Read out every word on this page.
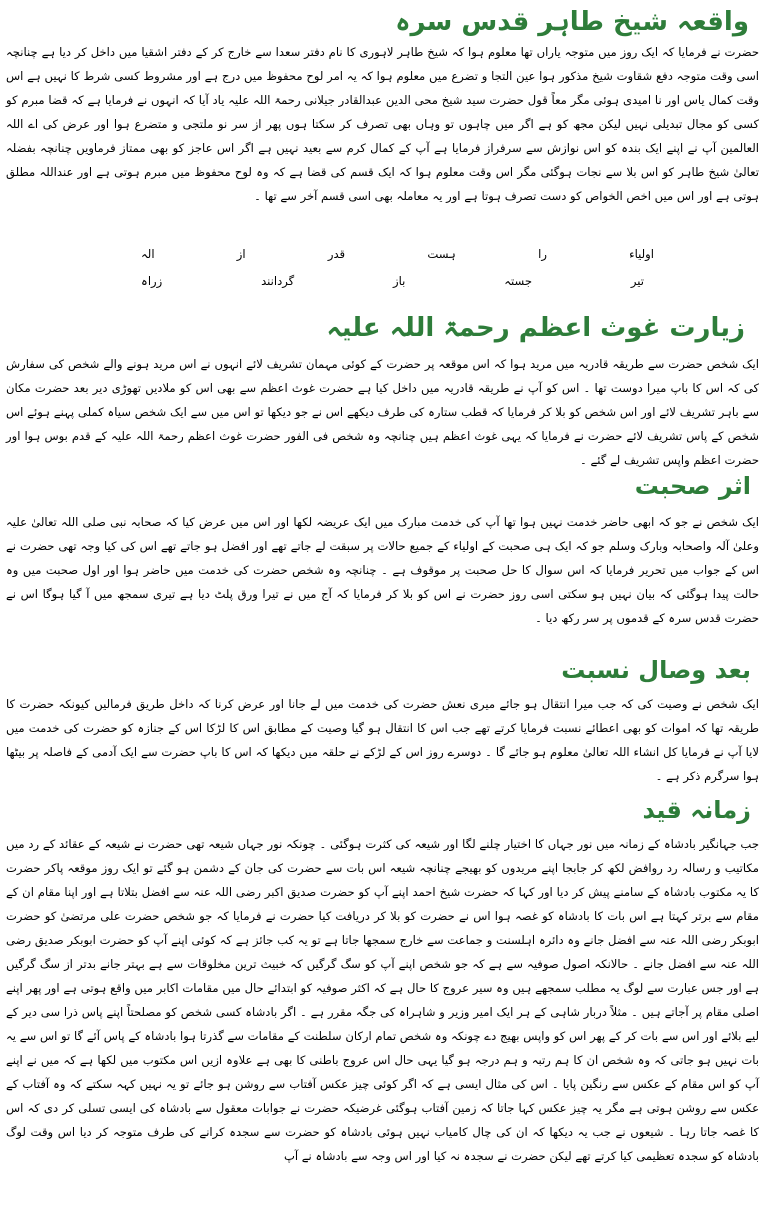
واقعہ شیخ طاہر قدس سرہ

حضرت نے فرمایا کہ ایک روز میں متوجہ یاراں تھا معلوم ہوا کہ شیخ طاہر لاہوری کا نام دفتر سعدا سے خارج کر کے دفتر اشقیا میں داخل کر دیا ہے چنانچہ اسی وقت متوجہ دفع شقاوت شیخ مذکور ہوا عین التجا و تضرع میں معلوم ہوا کہ یہ امر لوح محفوظ میں درج ہے اور مشروط کسی شرط کا نہیں ہے اس وقت کمال یاس اور نا امیدی ہوئی مگر معاً قول حضرت سید شیخ محی الدین عبدالقادر جیلانی رحمۃ اللہ علیہ یاد آیا کہ انہوں نے فرمایا ہے کہ قضا مبرم کو کسی کو مجال تبدیلی نہیں لیکن مجھ کو ہے اگر میں چاہوں تو وہاں بھی تصرف کر سکتا ہوں پھر از سر نو ملتجی و متضرع ہوا اور عرض کی اے اللہ العالمین آپ نے اپنے ایک بندہ کو اس نوازش سے سرفراز فرمایا ہے آپ کے کمال کرم سے بعید نہیں ہے اگر اس عاجز کو بھی ممتاز فرماویں چنانچہ بفضلہ تعالیٰ شیخ طاہر کو اس بلا سے نجات ہوگئی مگر اس وقت معلوم ہوا کہ ایک قسم کی قضا ہے کہ وہ لوح محفوظ میں مبرم ہوتی ہے اور عنداللہ مطلق ہوتی ہے اور اس میں اخص الخواص کو دست تصرف ہوتا ہے اور یہ معاملہ بھی اسی قسم آخر سے تھا ۔

اولیاء
را
ہست
قدر
از
الہ
تیر
جستہ
باز
گردانند
زراہ
زیارت غوث اعظم رحمۃ اللہ علیہ

ایک شخص حضرت سے طریقہ قادریہ میں مرید ہوا کہ اس موقعہ پر حضرت کے کوئی مہمان تشریف لائے انہوں نے اس مرید ہونے والے شخص کی سفارش کی کہ اس کا باپ میرا دوست تھا ۔ اس کو آپ نے طریقہ قادریہ میں داخل کیا ہے حضرت غوث اعظم سے بھی اس کو ملادیں تھوڑی دیر بعد حضرت مکان سے باہر تشریف لائے اور اس شخص کو بلا کر فرمایا کہ قطب ستارہ کی طرف دیکھے اس نے جو دیکھا تو اس میں سے ایک شخص سیاہ کملی پہنے ہوئے اس شخص کے پاس تشریف لائے حضرت نے فرمایا کہ یہی غوث اعظم ہیں چنانچہ وہ شخص فی الفور حضرت غوث اعظم رحمۃ اللہ علیہ کے قدم بوس ہوا اور حضرت اعظم واپس تشریف لے گئے ۔

اثر صحبت

ایک شخص نے جو کہ ابھی حاضر خدمت نہیں ہوا تھا آپ کی خدمت مبارک میں ایک عریضہ لکھا اور اس میں عرض کیا کہ صحابہ نبی صلی اللہ تعالیٰ علیہ وعلیٰ آلہ واصحابہ وبارک وسلم جو کہ ایک ہی صحبت کے اولیاء کے جمیع حالات پر سبقت لے جاتے تھے اور افضل ہو جاتے تھے اس کی کیا وجہ تھی حضرت نے اس کے جواب میں تحریر فرمایا کہ اس سوال کا حل صحبت پر موقوف ہے ۔ چنانچہ وہ شخص حضرت کی خدمت میں حاضر ہوا اور اول صحبت میں وہ حالت پیدا ہوگئی کہ بیان نہیں ہو سکتی اسی روز حضرت نے اس کو بلا کر فرمایا کہ آج میں نے تیرا ورق پلٹ دیا ہے تیری سمجھ میں آ گیا ہوگا اس نے حضرت قدس سرہ کے قدموں پر سر رکھ دیا ۔

بعد وصال نسبت

ایک شخص نے وصیت کی کہ جب میرا انتقال ہو جائے میری نعش حضرت کی خدمت میں لے جانا اور عرض کرنا کہ داخل طریق فرمالیں کیونکہ حضرت کا طریقہ تھا کہ اموات کو بھی اعطائے نسبت فرمایا کرتے تھے جب اس کا انتقال ہو گیا وصیت کے مطابق اس کا لڑکا اس کے جنازہ کو حضرت کی خدمت میں لایا آپ نے فرمایا کل انشاء اللہ تعالیٰ معلوم ہو جائے گا ۔ دوسرے روز اس کے لڑکے نے حلقہ میں دیکھا کہ اس کا باپ حضرت سے ایک آدمی کے فاصلہ پر بیٹھا ہوا سرگرم ذکر ہے ۔

زمانہ قید

جب جہانگیر بادشاہ کے زمانہ میں نور جہاں کا اختیار چلنے لگا اور شیعہ کی کثرت ہوگئی ۔ چونکہ نور جہاں شیعہ تھی حضرت نے شیعہ کے عقائد کے رد میں مکاتیب و رسالہ رد روافض لکھ کر جابجا اپنے مریدوں کو بھیجے چنانچہ شیعہ اس بات سے حضرت کی جان کے دشمن ہو گئے تو ایک روز موقعہ پاکر حضرت کا یہ مکتوب بادشاہ کے سامنے پیش کر دیا اور کہا کہ حضرت شیخ احمد اپنے آپ کو حضرت صدیق اکبر رضی اللہ عنہ سے افضل بتلاتا ہے اور اپنا مقام ان کے مقام سے برتر کہتا ہے اس بات کا بادشاہ کو غصہ ہوا اس نے حضرت کو بلا کر دریافت کیا حضرت نے فرمایا کہ جو شخص حضرت علی مرتضیٰ کو حضرت ابوبکر رضی اللہ عنہ سے افضل جانے وہ دائرہ اہلسنت و جماعت سے خارج سمجھا جاتا ہے تو یہ کب جائز ہے کہ کوئی اپنے آپ کو حضرت ابوبکر صدیق رضی اللہ عنہ سے افضل جانے ۔ حالانکہ اصول صوفیہ سے ہے کہ جو شخص اپنے آپ کو سگ گرگیں کہ خبیث ترین مخلوقات سے ہے بہتر جانے بدتر از سگ گرگیں ہے اور جس عبارت سے لوگ یہ مطلب سمجھے ہیں وہ سیر عروج کا حال ہے کہ اکثر صوفیہ کو ابتدائے حال میں مقامات اکابر میں واقع ہوتی ہے اور پھر اپنے اصلی مقام پر آجاتے ہیں ۔ مثلاً دربار شاہی کے ہر ایک امیر وزیر و شاہراہ کی جگہ مقرر ہے ۔ اگر بادشاہ کسی شخص کو مصلحتاً اپنے پاس ذرا سی دیر کے لیے بلائے اور اس سے بات کر کے پھر اس کو واپس بھیج دے چونکہ وہ شخص تمام ارکان سلطنت کے مقامات سے گذرتا ہوا بادشاہ کے پاس آئے گا تو اس سے یہ بات نہیں ہو جاتی کہ وہ شخص ان کا ہم رتبہ و ہم درجہ ہو گیا یہی حال اس عروج باطنی کا بھی ہے علاوہ ازیں اس مکتوب میں لکھا ہے کہ میں نے اپنے آپ کو اس مقام کے عکس سے رنگین پایا ۔ اس کی مثال ایسی ہے کہ اگر کوئی چیز عکس آفتاب سے روشن ہو جائے تو یہ نہیں کہہ سکتے کہ وہ آفتاب کے عکس سے روشن ہوتی ہے مگر یہ چیز عکس کہا جاتا کہ زمین آفتاب ہوگئی غرضیکہ حضرت نے جوابات معقول سے بادشاہ کی ایسی تسلی کر دی کہ اس کا غصہ جاتا رہا ۔ شیعوں نے جب یہ دیکھا کہ ان کی چال کامیاب نہیں ہوئی بادشاہ کو حضرت سے سجدہ کرانے کی طرف متوجہ کر دیا اس وقت لوگ بادشاہ کو سجدہ تعظیمی کیا کرتے تھے لیکن حضرت نے سجدہ نہ کیا اور اس وجہ سے بادشاہ نے آپ
